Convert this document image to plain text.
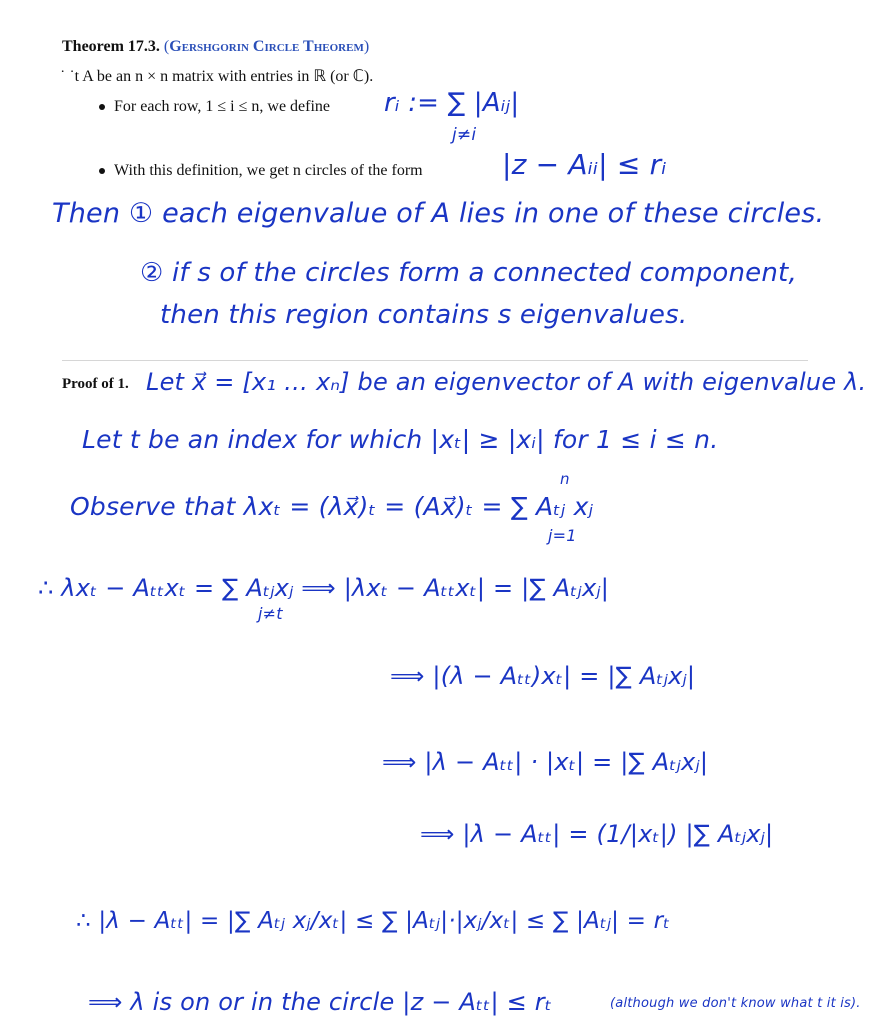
Theorem 17.3. (Gershgorin Circle Theorem)
˙ ˙t A be an n × n matrix with entries in ℝ (or ℂ).
For each row, 1 ≤ i ≤ n, we define
With this definition, we get n circles of the form
rᵢ := ∑ |Aᵢⱼ|
j≠i
|z − Aᵢᵢ| ≤ rᵢ
Then ① each eigenvalue of A lies in one of these circles.
② if s of the circles form a connected component,
then this region contains s eigenvalues.
Proof of 1. Let x⃗ = [x₁ … xₙ] be an eigenvector of A with eigenvalue λ.
Let t be an index for which |xₜ| ≥ |xᵢ| for 1 ≤ i ≤ n.
n
Observe that λxₜ = (λx⃗)ₜ = (Ax⃗)ₜ = ∑ Aₜⱼ xⱼ
j=1
∴ λxₜ − Aₜₜxₜ = ∑ Aₜⱼxⱼ ⟹ |λxₜ − Aₜₜxₜ| = |∑ Aₜⱼxⱼ|
j≠t
⟹ |(λ − Aₜₜ)xₜ| = |∑ Aₜⱼxⱼ|
⟹ |λ − Aₜₜ| · |xₜ| = |∑ Aₜⱼxⱼ|
⟹ |λ − Aₜₜ| = (1/|xₜ|) |∑ Aₜⱼxⱼ|
∴ |λ − Aₜₜ| = |∑ Aₜⱼ xⱼ/xₜ| ≤ ∑ |Aₜⱼ|·|xⱼ/xₜ| ≤ ∑ |Aₜⱼ| = rₜ
⟹ λ is on or in the circle |z − Aₜₜ| ≤ rₜ	(although we don't know what t it is).
